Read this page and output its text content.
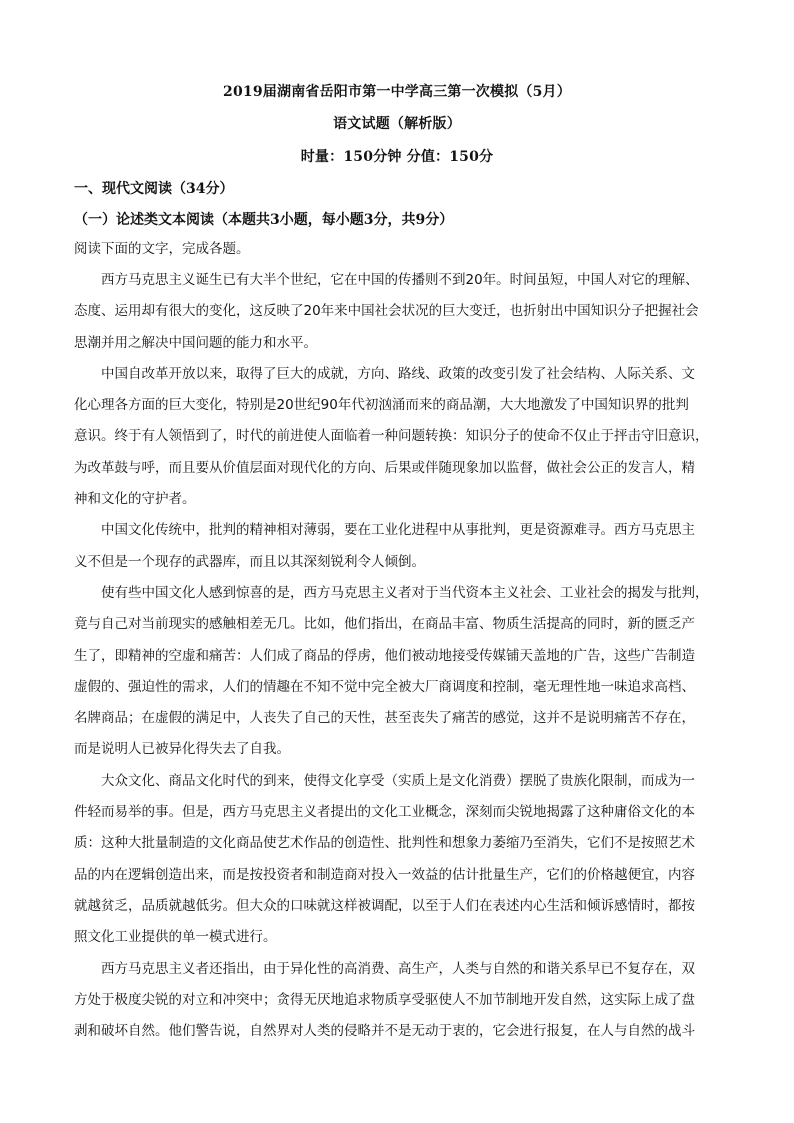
2019届湖南省岳阳市第一中学高三第一次模拟（5月）
语文试题（解析版）
时量：150分钟 分值：150分
一、现代文阅读（34分）
（一）论述类文本阅读（本题共3小题，每小题3分，共9分）
阅读下面的文字，完成各题。
　　西方马克思主义诞生已有大半个世纪，它在中国的传播则不到20年。时间虽短，中国人对它的理解、
态度、运用却有很大的变化，这反映了20年来中国社会状况的巨大变迁，也折射出中国知识分子把握社会
思潮并用之解决中国问题的能力和水平。
　　中国自改革开放以来，取得了巨大的成就，方向、路线、政策的改变引发了社会结构、人际关系、文
化心理各方面的巨大变化，特别是20世纪90年代初汹涌而来的商品潮，大大地激发了中国知识界的批判
意识。终于有人领悟到了，时代的前进使人面临着一种问题转换：知识分子的使命不仅止于抨击守旧意识，
为改革鼓与呼，而且要从价值层面对现代化的方向、后果或伴随现象加以监督，做社会公正的发言人，精
神和文化的守护者。
　　中国文化传统中，批判的精神相对薄弱，要在工业化进程中从事批判，更是资源难寻。西方马克思主
义不但是一个现存的武器库，而且以其深刻锐利令人倾倒。
　　使有些中国文化人感到惊喜的是，西方马克思主义者对于当代资本主义社会、工业社会的揭发与批判，
竟与自己对当前现实的感触相差无几。比如，他们指出，在商品丰富、物质生活提高的同时，新的匮乏产
生了，即精神的空虚和痛苦：人们成了商品的俘虏，他们被动地接受传媒铺天盖地的广告，这些广告制造
虚假的、强迫性的需求，人们的情趣在不知不觉中完全被大厂商调度和控制，毫无理性地一味追求高档、
名牌商品；在虚假的满足中，人丧失了自己的天性，甚至丧失了痛苦的感觉，这并不是说明痛苦不存在，
而是说明人已被异化得失去了自我。
　　大众文化、商品文化时代的到来，使得文化享受（实质上是文化消费）摆脱了贵族化限制，而成为一
件轻而易举的事。但是，西方马克思主义者提出的文化工业概念，深刻而尖锐地揭露了这种庸俗文化的本
质：这种大批量制造的文化商品使艺术作品的创造性、批判性和想象力萎缩乃至消失，它们不是按照艺术
品的内在逻辑创造出来，而是按投资者和制造商对投入一效益的估计批量生产，它们的价格越便宜，内容
就越贫乏，品质就越低劣。但大众的口味就这样被调配，以至于人们在表述内心生活和倾诉感情时，都按
照文化工业提供的单一模式进行。
　　西方马克思主义者还指出，由于异化性的高消费、高生产，人类与自然的和谐关系早已不复存在，双
方处于极度尖锐的对立和冲突中；贪得无厌地追求物质享受驱使人不加节制地开发自然，这实际上成了盘
剥和破坏自然。他们警告说，自然界对人类的侵略并不是无动于衷的，它会进行报复，在人与自然的战斗
